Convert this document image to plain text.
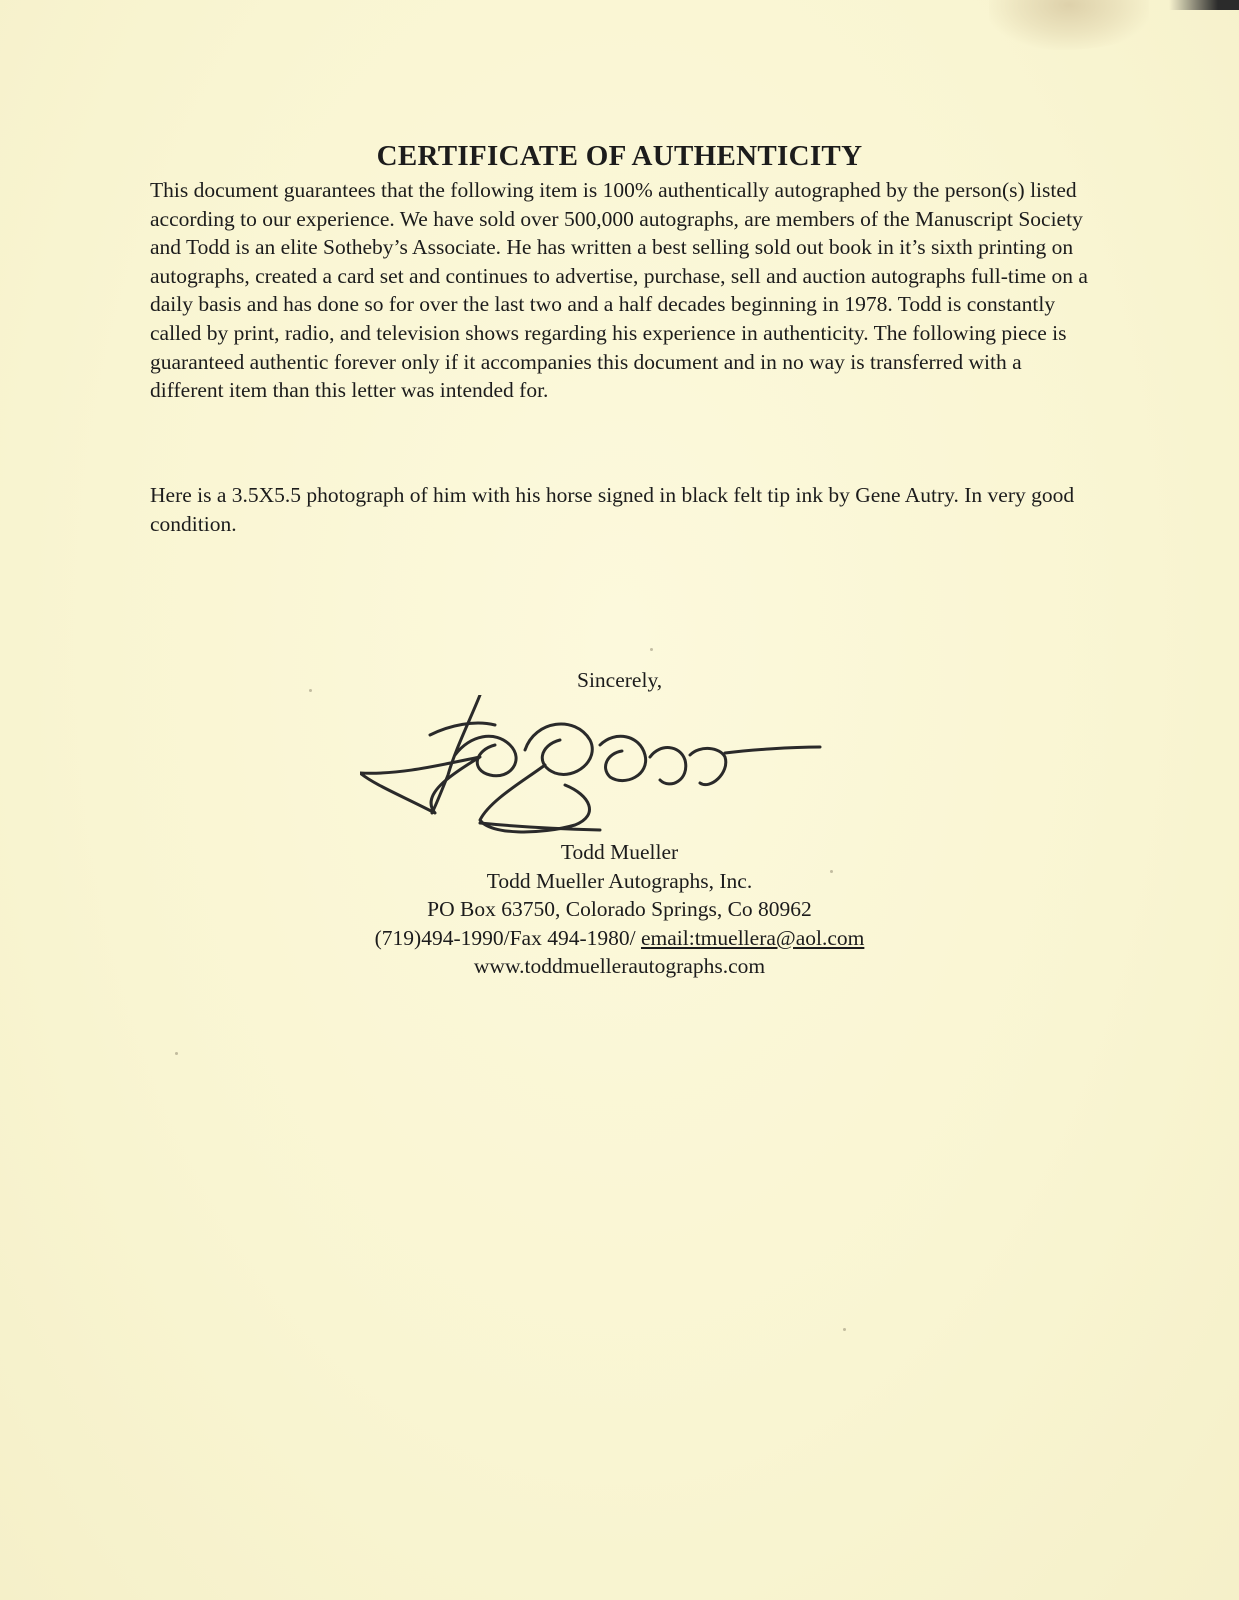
CERTIFICATE OF AUTHENTICITY

This document guarantees that the following item is 100% authentically autographed by the person(s) listed according to our experience. We have sold over 500,000 autographs, are members of the Manuscript Society and Todd is an elite Sotheby’s Associate. He has written a best selling sold out book in it’s sixth printing on autographs, created a card set and continues to advertise, purchase, sell and auction autographs full-time on a daily basis and has done so for over the last two and a half decades beginning in 1978. Todd is constantly called by print, radio, and television shows regarding his experience in authenticity. The following piece is guaranteed authentic forever only if it accompanies this document and in no way is transferred with a different item than this letter was intended for.

Here is a 3.5X5.5 photograph of him with his horse signed in black felt tip ink by Gene Autry. In very good condition.

Sincerely,

Todd Mueller
Todd Mueller Autographs, Inc.
PO Box 63750, Colorado Springs, Co 80962
(719)494-1990/Fax 494-1980/ email:tmuellera@aol.com
www.toddmuellerautographs.com
